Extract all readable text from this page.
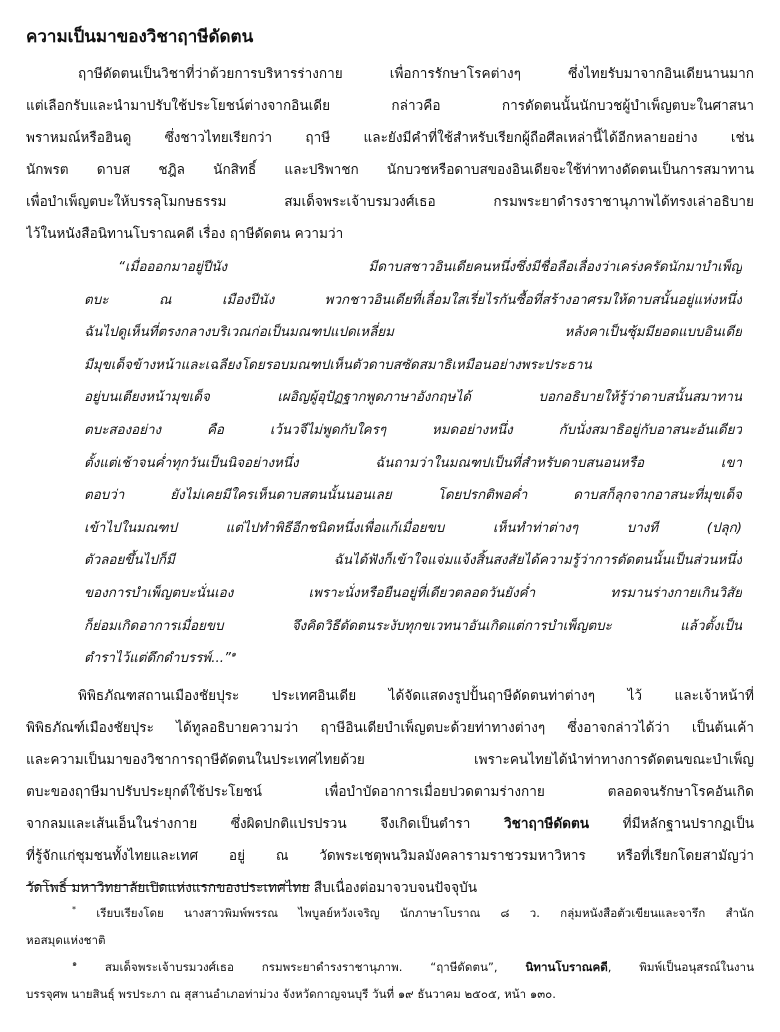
ความเป็นมาของวิชาฤาษีดัดตน
ฤาษีดัดตนเป็นวิชาที่ว่าด้วยการบริหารร่างกาย เพื่อการรักษาโรคต่างๆ ซึ่งไทยรับมาจากอินเดียนานมาก
แต่เลือกรับและนำมาปรับใช้ประโยชน์ต่างจากอินเดีย กล่าวคือ การดัดตนนั้นนักบวชผู้บำเพ็ญตบะในศาสนา
พราหมณ์หรือฮินดู ซึ่งชาวไทยเรียกว่า ฤาษี และยังมีคำที่ใช้สำหรับเรียกผู้ถือศีลเหล่านี้ได้อีกหลายอย่าง เช่น
นักพรต ดาบส ชฎิล นักสิทธิ์ และปริพาชก นักบวชหรือดาบสของอินเดียจะใช้ท่าทางดัดตนเป็นการสมาทาน
เพื่อบำเพ็ญตบะให้บรรลุโมกษธรรม สมเด็จพระเจ้าบรมวงศ์เธอ กรมพระยาดำรงราชานุภาพได้ทรงเล่าอธิบาย
ไว้ในหนังสือนิทานโบราณคดี เรื่อง ฤาษีดัดตน ความว่า
“เมื่อออกมาอยู่ปีนัง มีดาบสชาวอินเดียคนหนึ่งซึ่งมีชื่อลือเลื่องว่าเคร่งครัดนักมาบำเพ็ญ
ตบะ ณ เมืองปีนัง พวกชาวอินเดียที่เลื่อมใสเรี่ยไรกันซื้อที่สร้างอาศรมให้ดาบสนั้นอยู่แห่งหนึ่ง
ฉันไปดูเห็นที่ตรงกลางบริเวณก่อเป็นมณฑปแปดเหลี่ยม หลังคาเป็นซุ้มมียอดแบบอินเดีย
มีมุขเด็จข้างหน้าและเฉลียงโดยรอบมณฑปเห็นตัวดาบสซัดสมาธิเหมือนอย่างพระประธาน
อยู่บนเตียงหน้ามุขเด็จ เผอิญผู้อุปัฏฐากพูดภาษาอังกฤษได้ บอกอธิบายให้รู้ว่าดาบสนั้นสมาทาน
ตบะสองอย่าง คือ เว้นวจีไม่พูดกับใครๆ หมดอย่างหนึ่ง กับนั่งสมาธิอยู่กับอาสนะอันเดียว
ตั้งแต่เช้าจนค่ำทุกวันเป็นนิจอย่างหนึ่ง ฉันถามว่าในมณฑปเป็นที่สำหรับดาบสนอนหรือ เขา
ตอบว่า ยังไม่เคยมีใครเห็นดาบสตนนั้นนอนเลย โดยปรกติพอค่ำ ดาบสก็ลุกจากอาสนะที่มุขเด็จ
เข้าไปในมณฑป แต่ไปทำพิธีอีกชนิดหนึ่งเพื่อแก้เมื่อยขบ เห็นทำท่าต่างๆ บางที (ปลุก)
ตัวลอยขึ้นไปก็มี ฉันได้ฟังก็เข้าใจแจ่มแจ้งสิ้นสงสัยได้ความรู้ว่าการดัดตนนั้นเป็นส่วนหนึ่ง
ของการบำเพ็ญตบะนั่นเอง เพราะนั่งหรือยืนอยู่ที่เดียวตลอดวันยังค่ำ ทรมานร่างกายเกินวิสัย
ก็ย่อมเกิดอาการเมื่อยขบ จึงคิดวิธีดัดตนระงับทุกขเวทนาอันเกิดแต่การบำเพ็ญตบะ แล้วตั้งเป็น
ตำราไว้แต่ดึกดำบรรพ์...”$^๑$
พิพิธภัณฑสถานเมืองชัยปุระ ประเทศอินเดีย ได้จัดแสดงรูปปั้นฤาษีดัดตนท่าต่างๆ ไว้ และเจ้าหน้าที่
พิพิธภัณฑ์เมืองชัยปุระ ได้ทูลอธิบายความว่า ฤาษีอินเดียบำเพ็ญตบะด้วยท่าทางต่างๆ ซึ่งอาจกล่าวได้ว่า เป็นต้นเค้า
และความเป็นมาของวิชาการฤาษีดัดตนในประเทศไทยด้วย เพราะคนไทยได้นำท่าทางการดัดตนขณะบำเพ็ญ
ตบะของฤาษีมาปรับประยุกต์ใช้ประโยชน์ เพื่อบำบัดอาการเมื่อยปวดตามร่างกาย ตลอดจนรักษาโรคอันเกิด
จากลมและเส้นเอ็นในร่างกาย ซึ่งผิดปกติแปรปรวน จึงเกิดเป็นตำรา วิชาฤาษีดัดตน ที่มีหลักฐานปรากฏเป็น
ที่รู้จักแก่ชุมชนทั้งไทยและเทศ อยู่ ณ วัดพระเชตุพนวิมลมังคลารามราชวรมหาวิหาร หรือที่เรียกโดยสามัญว่า
วัดโพธิ์ มหาวิทยาลัยเปิดแห่งแรกของประเทศไทย สืบเนื่องต่อมาจวบจนปัจจุบัน
* เรียบเรียงโดย นางสาวพิมพ์พรรณ ไพบูลย์หวังเจริญ นักภาษาโบราณ ๘ ว. กลุ่มหนังสือตัวเขียนและจารึก สำนัก
หอสมุดแห่งชาติ
$^๑$ สมเด็จพระเจ้าบรมวงศ์เธอ กรมพระยาดำรงราชานุภาพ. “ฤาษีดัดตน”, นิทานโบราณคดี, พิมพ์เป็นอนุสรณ์ในงาน
บรรจุศพ นายสินธุ์ พรประภา ณ สุสานอำเภอท่าม่วง จังหวัดกาญจนบุรี วันที่ ๑๙ ธันวาคม ๒๕๐๕, หน้า ๑๓๐.
